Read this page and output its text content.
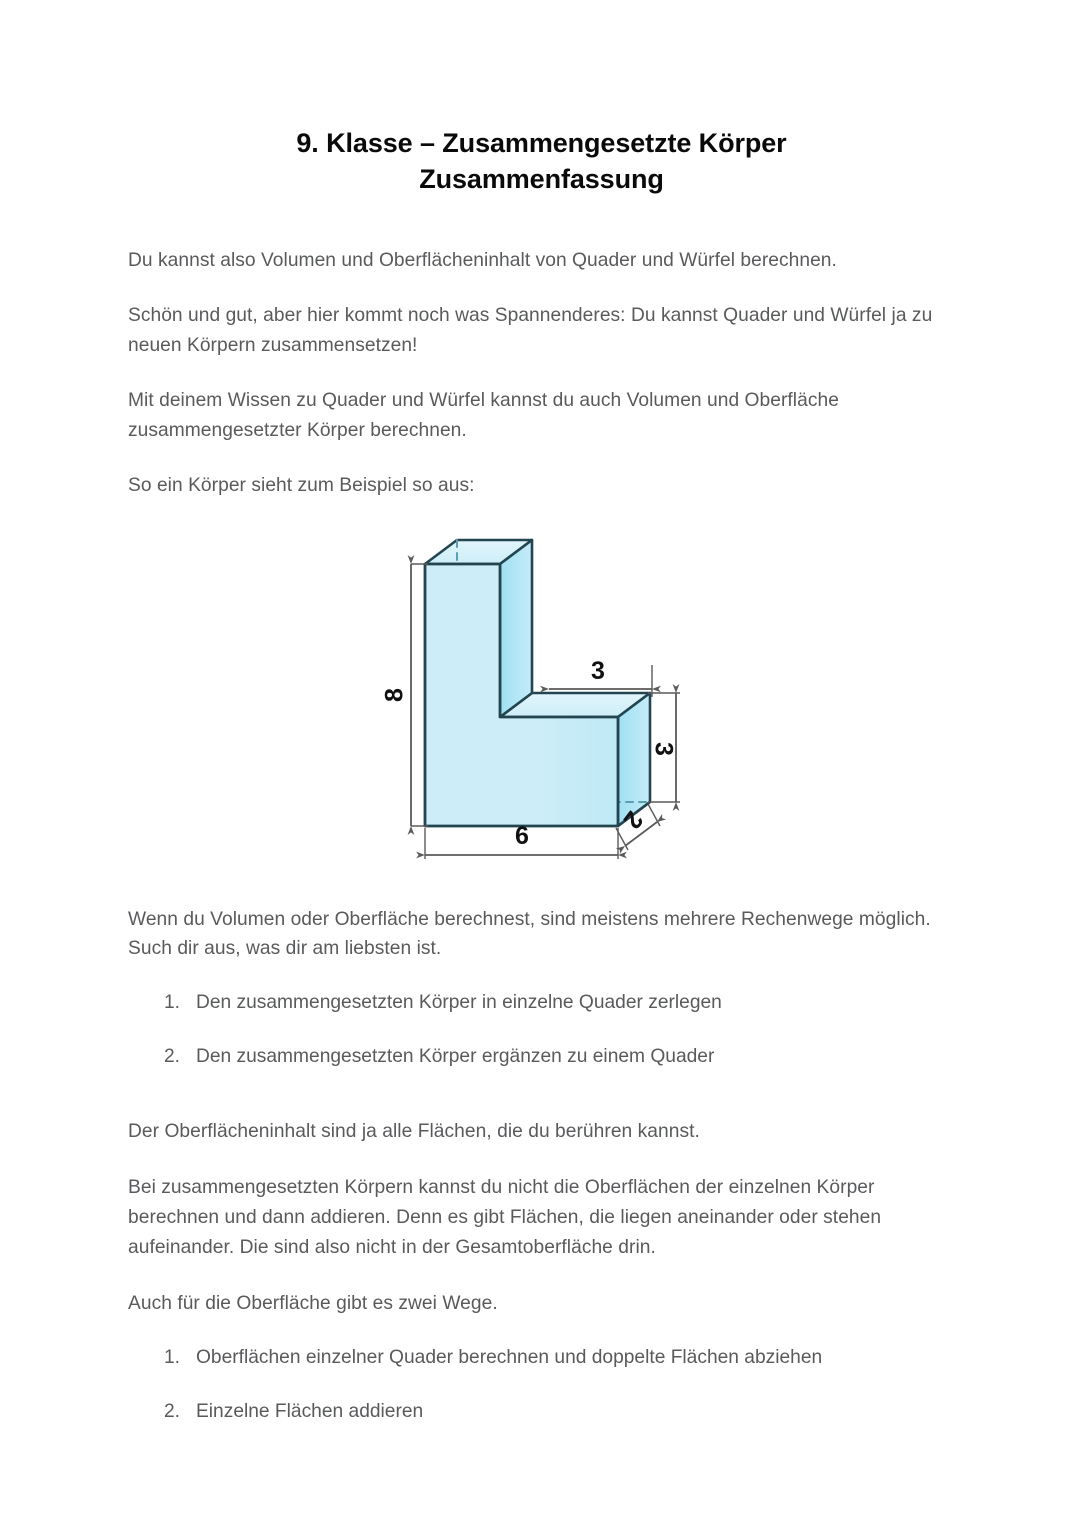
9. Klasse – Zusammengesetzte Körper
Zusammenfassung

Du kannst also Volumen und Oberflächeninhalt von Quader und Würfel berechnen.

Schön und gut, aber hier kommt noch was Spannenderes: Du kannst Quader und Würfel ja zu neuen Körpern zusammensetzen!

Mit deinem Wissen zu Quader und Würfel kannst du auch Volumen und Oberfläche zusammengesetzter Körper berechnen.

So ein Körper sieht zum Beispiel so aus:

8
6
3
3
2

Wenn du Volumen oder Oberfläche berechnest, sind meistens mehrere Rechenwege möglich. Such dir aus, was dir am liebsten ist.

1. Den zusammengesetzten Körper in einzelne Quader zerlegen
2. Den zusammengesetzten Körper ergänzen zu einem Quader

Der Oberflächeninhalt sind ja alle Flächen, die du berühren kannst.

Bei zusammengesetzten Körpern kannst du nicht die Oberflächen der einzelnen Körper berechnen und dann addieren. Denn es gibt Flächen, die liegen aneinander oder stehen aufeinander. Die sind also nicht in der Gesamtoberfläche drin.

Auch für die Oberfläche gibt es zwei Wege.

1. Oberflächen einzelner Quader berechnen und doppelte Flächen abziehen
2. Einzelne Flächen addieren
